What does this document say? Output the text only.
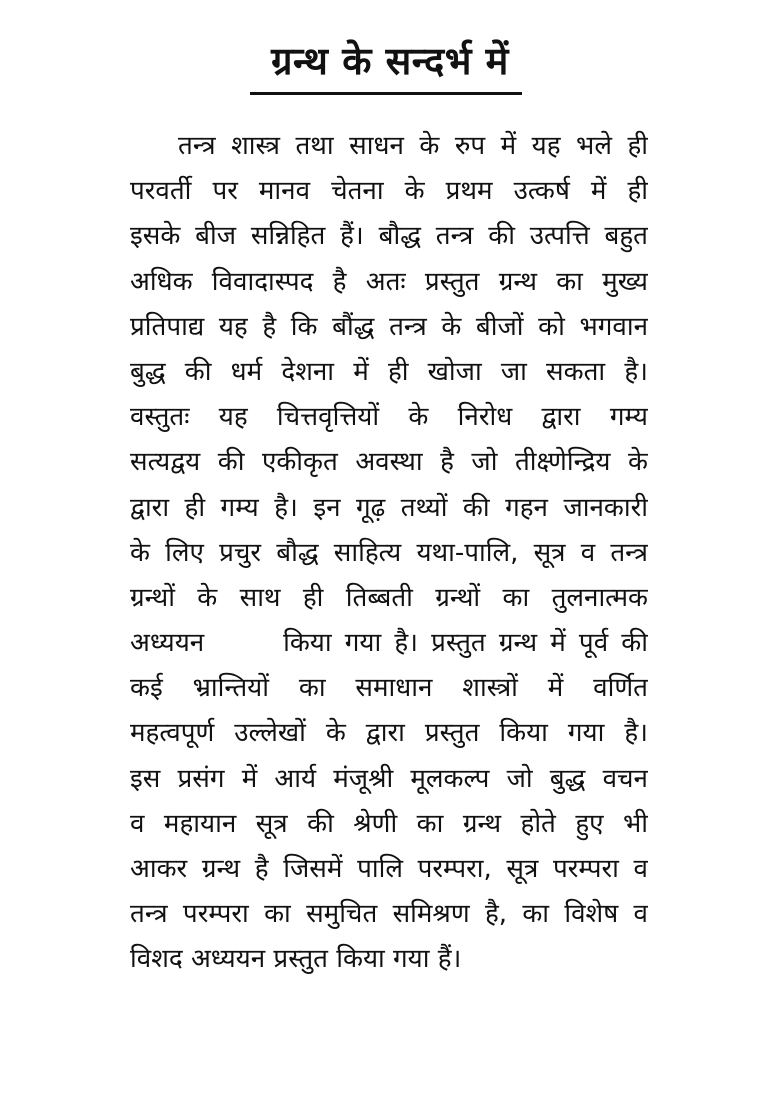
ग्रन्थ के सन्दर्भ में
तन्त्र शास्त्र तथा साधन के रुप में यह भले ही
परवर्ती पर मानव चेतना के प्रथम उत्कर्ष में ही
इसके बीज सन्निहित हैं। बौद्ध तन्त्र की उत्पत्ति बहुत
अधिक विवादास्पद है अतः प्रस्तुत ग्रन्थ का मुख्य
प्रतिपाद्य यह है कि बौंद्ध तन्त्र के बीजों को भगवान
बुद्ध की धर्म देशना में ही खोजा जा सकता है।
वस्तुतः यह चित्तवृत्तियों के निरोध द्वारा गम्य
सत्यद्वय की एकीकृत अवस्था है जो तीक्ष्णेन्द्रिय के
द्वारा ही गम्य है। इन गूढ़ तथ्यों की गहन जानकारी
के लिए प्रचुर बौद्ध साहित्य यथा-पालि, सूत्र व तन्त्र
ग्रन्थों के साथ ही तिब्बती ग्रन्थों का तुलनात्मक
अध्ययन      किया गया है। प्रस्तुत ग्रन्थ में पूर्व की
कई भ्रान्तियों का समाधान शास्त्रों में वर्णित
महत्वपूर्ण उल्लेखों के द्वारा प्रस्तुत किया गया है।
इस प्रसंग में आर्य मंजूश्री मूलकल्प जो बुद्ध वचन
व महायान सूत्र की श्रेणी का ग्रन्थ होते हुए भी
आकर ग्रन्थ है जिसमें पालि परम्परा, सूत्र परम्परा व
तन्त्र परम्परा का समुचित समिश्रण है, का विशेष व
विशद अध्ययन प्रस्तुत किया गया हैं।
